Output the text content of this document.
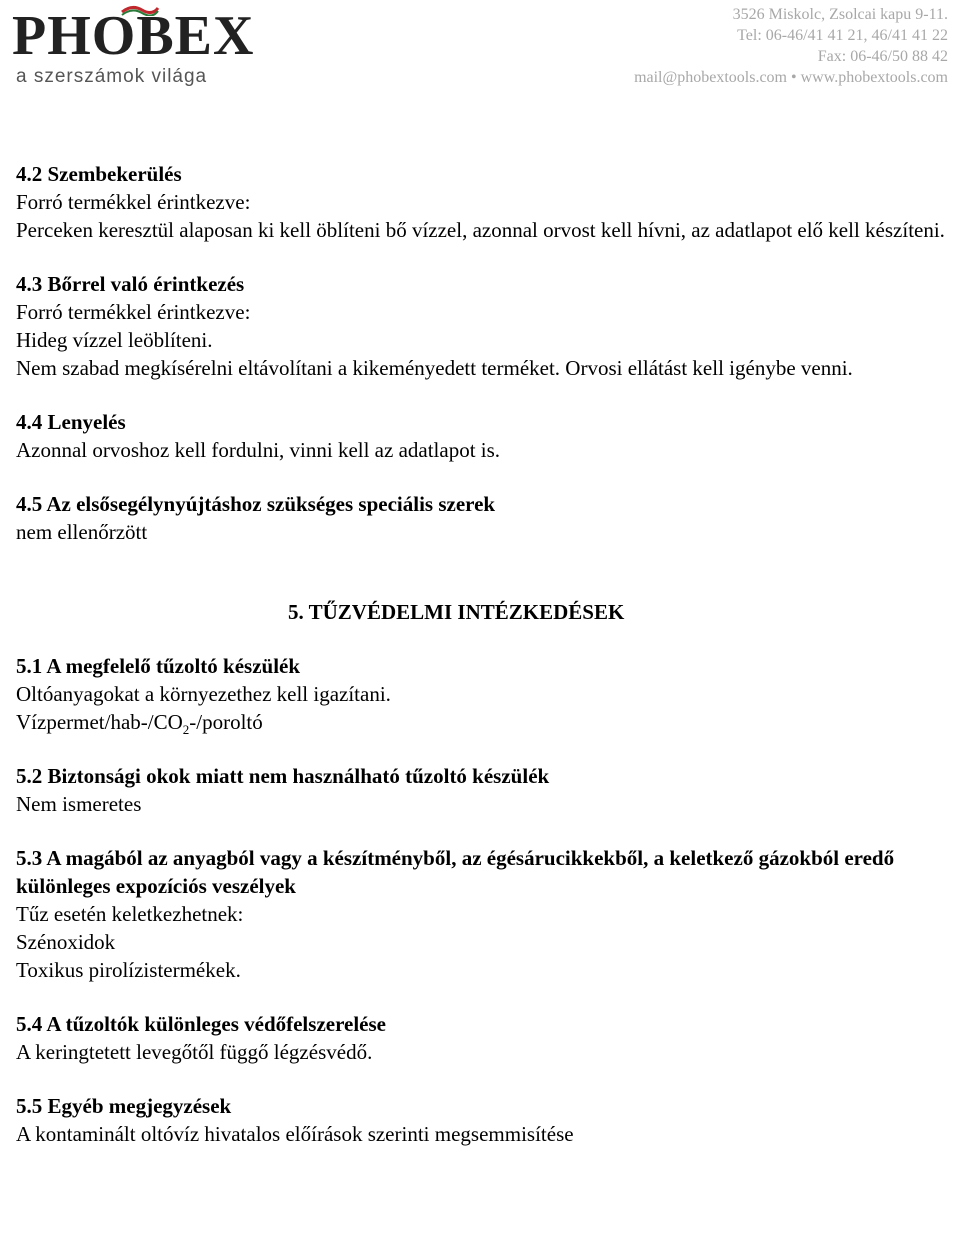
PHOBEX
a szerszámok világa
3526 Miskolc, Zsolcai kapu 9-11.
Tel: 06-46/41 41 21, 46/41 41 22
Fax: 06-46/50 88 42
mail@phobextools.com • www.phobextools.com
4.2 Szembekerülés
Forró termékkel érintkezve:
Perceken keresztül alaposan ki kell öblíteni bő vízzel, azonnal orvost kell hívni, az adatlapot elő kell készíteni.
4.3 Bőrrel való érintkezés
Forró termékkel érintkezve:
Hideg vízzel leöblíteni.
Nem szabad megkísérelni eltávolítani a kikeményedett terméket. Orvosi ellátást kell igénybe venni.
4.4 Lenyelés
Azonnal orvoshoz kell fordulni, vinni kell az adatlapot is.
4.5 Az elsősegélynyújtáshoz szükséges speciális szerek
nem ellenőrzött
5. TŰZVÉDELMI INTÉZKEDÉSEK
5.1 A megfelelő tűzoltó készülék
Oltóanyagokat a környezethez kell igazítani.
Vízpermet/$hab-/CO_2-$/poroltó
5.2 Biztonsági okok miatt nem használható tűzoltó készülék
Nem ismeretes
5.3 A magából az anyagból vagy a készítményből, az égésárucikkekből, a keletkező gázokból eredő különleges expozíciós veszélyek
Tűz esetén keletkezhetnek:
Szénoxidok
Toxikus pirolízistermékek.
5.4 A tűzoltók különleges védőfelszerelése
A keringtetett levegőtől függő légzésvédő.
5.5 Egyéb megjegyzések
A kontaminált oltóvíz hivatalos előírások szerinti megsemmisítése
